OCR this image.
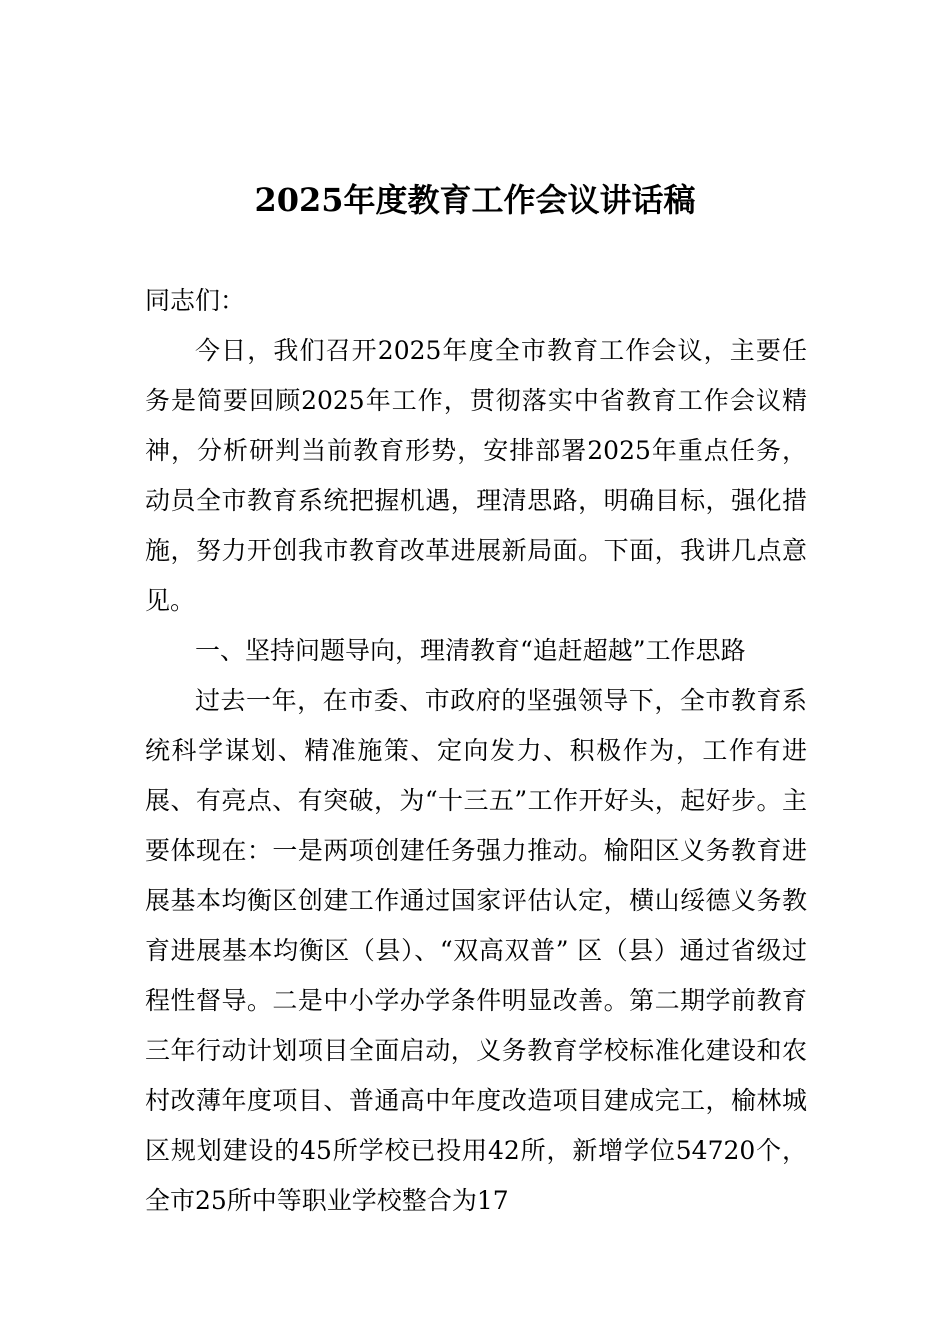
2025年度教育工作会议讲话稿

同志们：

今日，我们召开2025年度全市教育工作会议，主要任务是简要回顾2025年工作，贯彻落实中省教育工作会议精神，分析研判当前教育形势，安排部署2025年重点任务，动员全市教育系统把握机遇，理清思路，明确目标，强化措施，努力开创我市教育改革进展新局面。下面，我讲几点意见。

一、坚持问题导向，理清教育“追赶超越”工作思路

过去一年，在市委、市政府的坚强领导下，全市教育系统科学谋划、精准施策、定向发力、积极作为，工作有进展、有亮点、有突破，为“十三五”工作开好头，起好步。主要体现在：一是两项创建任务强力推动。榆阳区义务教育进展基本均衡区创建工作通过国家评估认定，横山绥德义务教育进展基本均衡区（县）、“双高双普” 区（县）通过省级过程性督导。二是中小学办学条件明显改善。第二期学前教育三年行动计划项目全面启动，义务教育学校标准化建设和农村改薄年度项目、普通高中年度改造项目建成完工，榆林城区规划建设的45所学校已投用42所，新增学位54720个，全市25所中等职业学校整合为17
